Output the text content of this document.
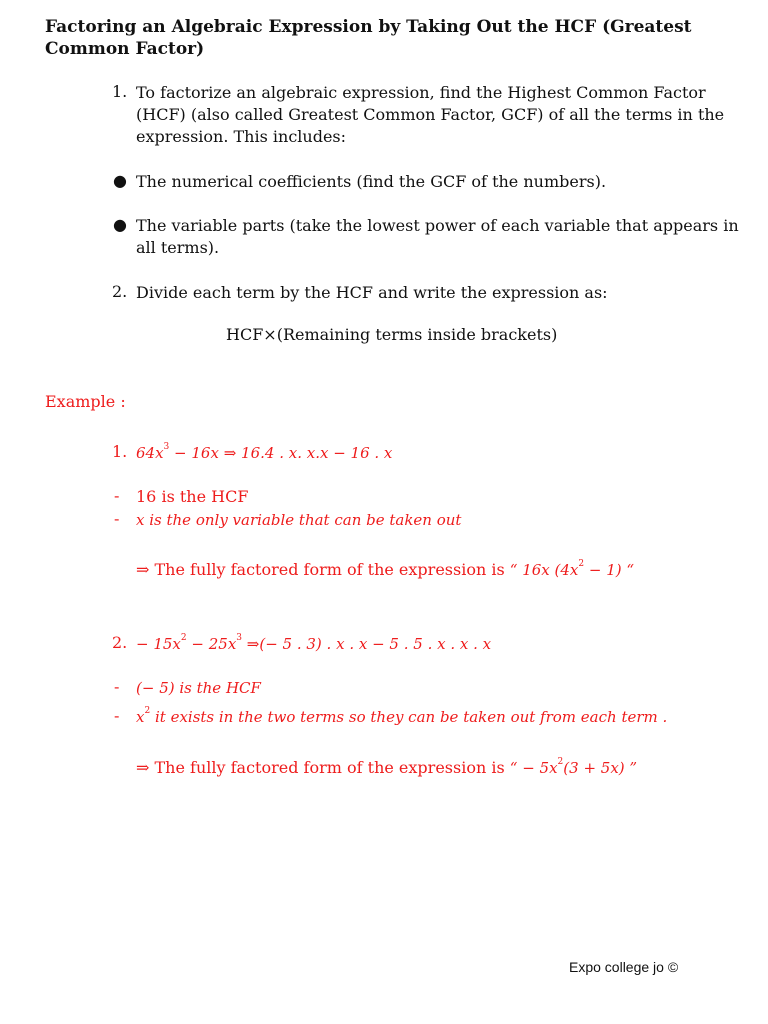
Factoring an Algebraic Expression by Taking Out the HCF (Greatest
Common Factor)
1. To factorize an algebraic expression, find the Highest Common Factor
(HCF) (also called Greatest Common Factor, GCF) of all the terms in the
expression. This includes:
● The numerical coefficients (find the GCF of the numbers).
● The variable parts (take the lowest power of each variable that appears in
all terms).
2. Divide each term by the HCF and write the expression as:
HCF×(Remaining terms inside brackets)
Example :
1. $64x^3 - 16x$ ⇒ 16.4 . x. x.x − 16 . x
- 16 is the HCF
- x is the only variable that can be taken out
⇒ The fully factored form of the expression is “ 16x $(4x^2 - 1)$ “
2. − $15x^2 - 25x^3$ ⇒(− 5 . 3) . x . x − 5 . 5 . x . x . x
- (− 5) is the HCF
- $x^2$ it exists in the two terms so they can be taken out from each term .
⇒ The fully factored form of the expression is “ − $5x^2(3 + 5x)$ ”
Expo college jo ©
